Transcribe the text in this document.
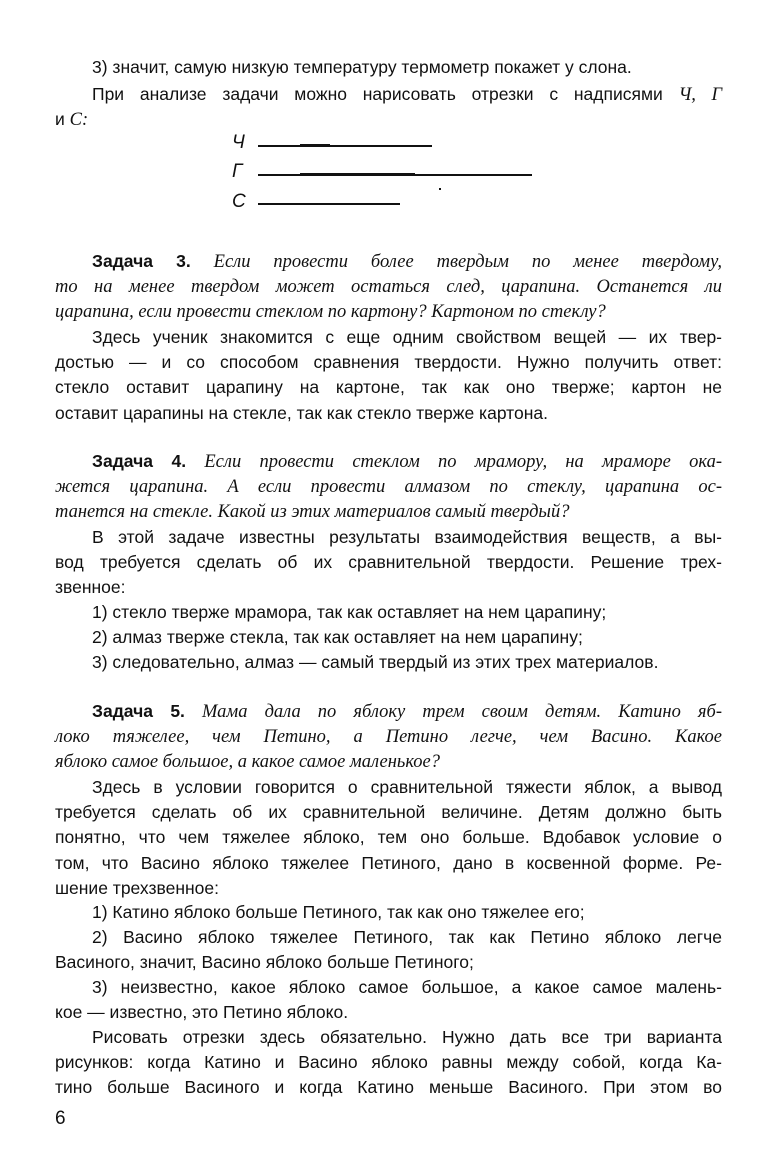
Ч
Г
С
6
3) значит, самую низкую температуру термометр покажет у слона.
При анализе задачи можно нарисовать отрезки с надписями Ч, Г
и С:
Задача 3. Если провести более твердым по менее твердому,
то на менее твердом может остаться след, царапина. Останется ли
царапина, если провести стеклом по картону? Картоном по стеклу?
Здесь ученик знакомится с еще одним свойством вещей — их твер-
достью — и со способом сравнения твердости. Нужно получить ответ:
стекло оставит царапину на картоне, так как оно тверже; картон не
оставит царапины на стекле, так как стекло тверже картона.
Задача 4. Если провести стеклом по мрамору, на мраморе ока-
жется царапина. А если провести алмазом по стеклу, царапина ос-
танется на стекле. Какой из этих материалов самый твердый?
В этой задаче известны результаты взаимодействия веществ, а вы-
вод требуется сделать об их сравнительной твердости. Решение трех-
звенное:
1) стекло тверже мрамора, так как оставляет на нем царапину;
2) алмаз тверже стекла, так как оставляет на нем царапину;
3) следовательно, алмаз — самый твердый из этих трех материалов.
Задача 5. Мама дала по яблоку трем своим детям. Катино яб-
локо тяжелее, чем Петино, а Петино легче, чем Васино. Какое
яблоко самое большое, а какое самое маленькое?
Здесь в условии говорится о сравнительной тяжести яблок, а вывод
требуется сделать об их сравнительной величине. Детям должно быть
понятно, что чем тяжелее яблоко, тем оно больше. Вдобавок условие о
том, что Васино яблоко тяжелее Петиного, дано в косвенной форме. Ре-
шение трехзвенное:
1) Катино яблоко больше Петиного, так как оно тяжелее его;
2) Васино яблоко тяжелее Петиного, так как Петино яблоко легче
Васиного, значит, Васино яблоко больше Петиного;
3) неизвестно, какое яблоко самое большое, а какое самое малень-
кое — известно, это Петино яблоко.
Рисовать отрезки здесь обязательно. Нужно дать все три варианта
рисунков: когда Катино и Васино яблоко равны между собой, когда Ка-
тино больше Васиного и когда Катино меньше Васиного. При этом во
